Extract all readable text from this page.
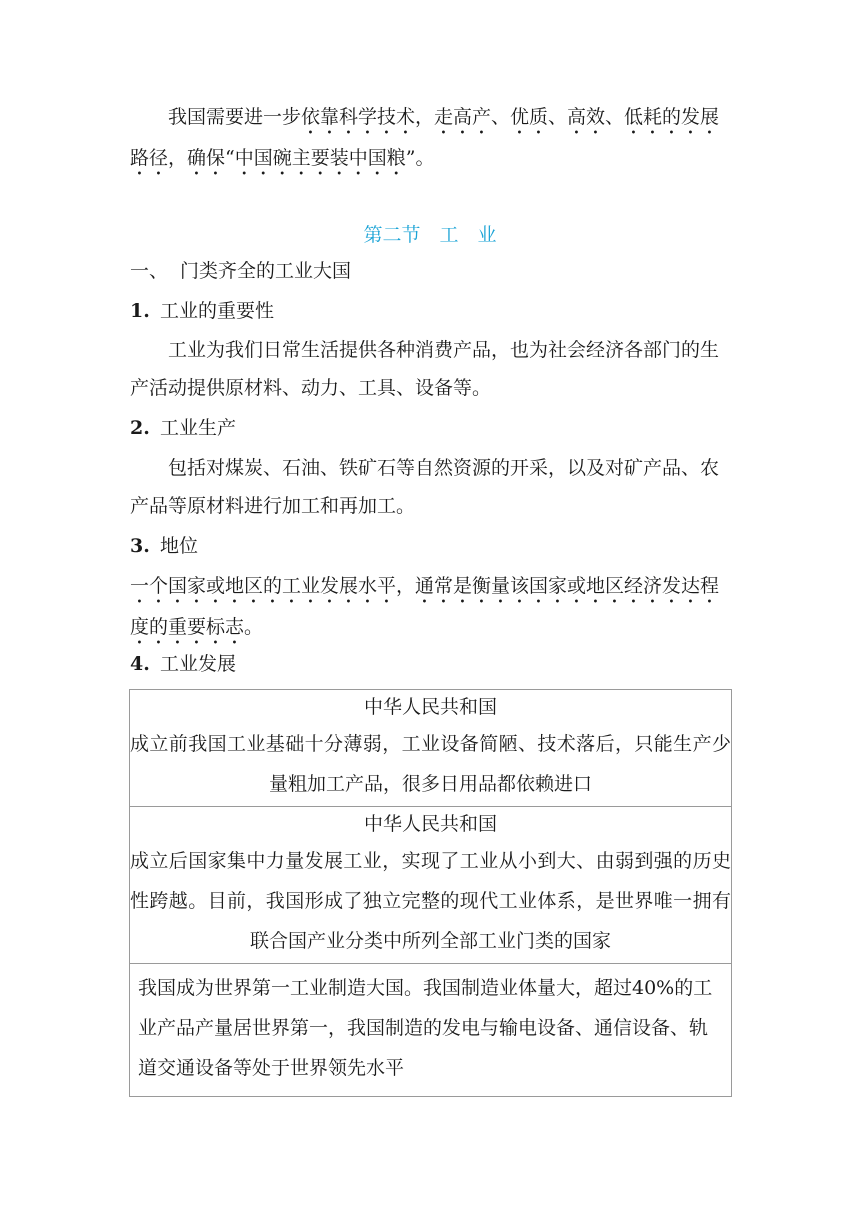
我国需要进一步依靠科学技术，走高产、优质、高效、低耗的发展路径，确保“中国碗主要装中国粮”。
第二节　工　业
一、 门类齐全的工业大国
1. 工业的重要性
工业为我们日常生活提供各种消费产品，也为社会经济各部门的生产活动提供原材料、动力、工具、设备等。
2. 工业生产
包括对煤炭、石油、铁矿石等自然资源的开采，以及对矿产品、农产品等原材料进行加工和再加工。
3. 地位
一个国家或地区的工业发展水平，通常是衡量该国家或地区经济发达程度的重要标志。
4. 工业发展
中华人民共和国
成立前我国工业基础十分薄弱，工业设备简陋、技术落后，只能生产少量粗加工产品，很多日用品都依赖进口
中华人民共和国
成立后国家集中力量发展工业，实现了工业从小到大、由弱到强的历史性跨越。目前，我国形成了独立完整的现代工业体系，是世界唯一拥有联合国产业分类中所列全部工业门类的国家
我国成为世界第一工业制造大国。我国制造业体量大，超过40%的工业产品产量居世界第一，我国制造的发电与输电设备、通信设备、轨道交通设备等处于世界领先水平
